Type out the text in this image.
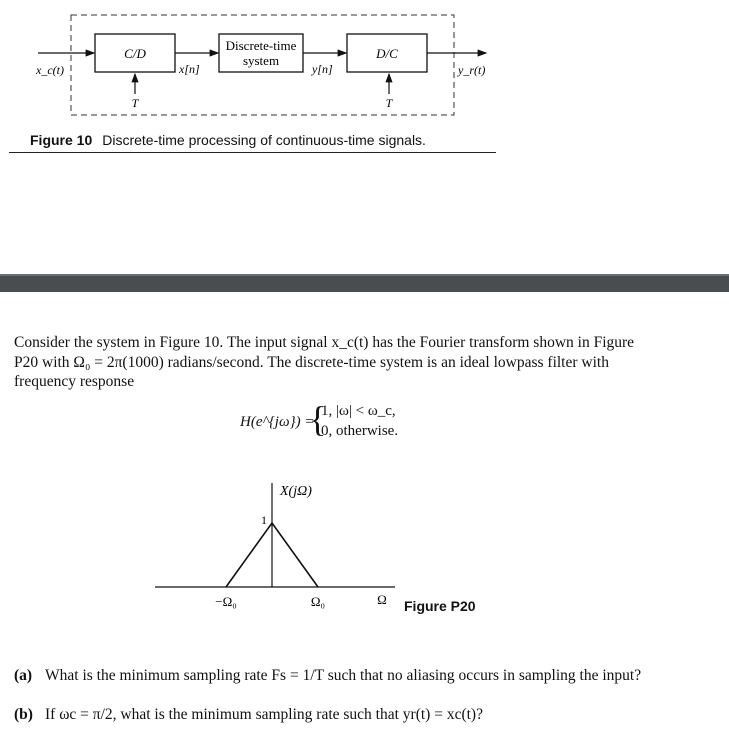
C/D
Discrete-time
system	D/C
x_c(t)	x[n]	y[n]	y_r(t)
T	T
Figure 10 Discrete-time processing of continuous-time signals.
Consider the system in Figure 10. The input signal x_c(t) has the Fourier transform shown in Figure P20 with Ω₀ = 2π(1000) radians/second. The discrete-time system is an ideal lowpass filter with frequency response
H(e^{jω}) =
{
1, |ω| < ω_c,
0, otherwise.
X(jΩ)
1
−Ω₀	Ω₀	Ω Figure P20
(a) What is the minimum sampling rate Fs = 1/T such that no aliasing occurs in sampling the input?
(b) If ωc = π/2, what is the minimum sampling rate such that yr(t) = xc(t)?
